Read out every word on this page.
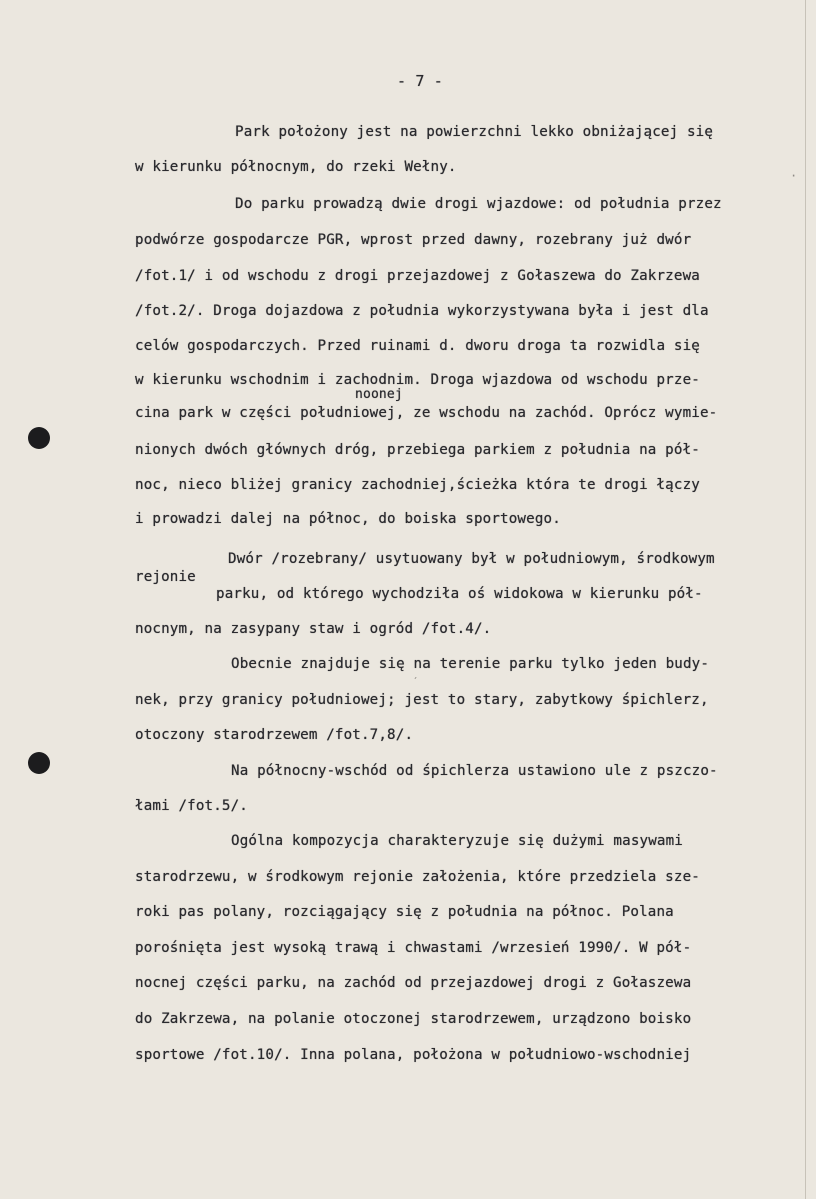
- 7 -
Park położony jest na powierzchni lekko obniżającej się
w kierunku północnym, do rzeki Wełny.
Do parku prowadzą dwie drogi wjazdowe: od południa przez
podwórze gospodarcze PGR, wprost przed dawny, rozebrany już dwór
/fot.1/ i od wschodu z drogi przejazdowej z Gołaszewa do Zakrzewa
/fot.2/. Droga dojazdowa z południa wykorzystywana była i jest dla
celów gospodarczych. Przed ruinami d. dworu droga ta rozwidla się
w kierunku wschodnim i zachodnim. Droga wjazdowa od wschodu prze-
noonej
cina park w części południowej, ze wschodu na zachód. Oprócz wymie-
nionych dwóch głównych dróg, przebiega parkiem z południa na pół-
noc, nieco bliżej granicy zachodniej,ścieżka która te drogi łączy
i prowadzi dalej na północ, do boiska sportowego.
Dwór /rozebrany/ usytuowany był w południowym, środkowym
rejonie
parku, od którego wychodziła oś widokowa w kierunku pół-
nocnym, na zasypany staw i ogród /fot.4/.
Obecnie znajduje się na terenie parku tylko jeden budy-
nek, przy granicy południowej; jest to stary, zabytkowy śpichlerz,
otoczony starodrzewem /fot.7,8/.
Na północny-wschód od śpichlerza ustawiono ule z pszczo-
łami /fot.5/.
Ogólna kompozycja charakteryzuje się dużymi masywami
starodrzewu, w środkowym rejonie założenia, które przedziela sze-
roki pas polany, rozciągający się z południa na północ. Polana
porośnięta jest wysoką trawą i chwastami /wrzesień 1990/. W pół-
nocnej części parku, na zachód od przejazdowej drogi z Gołaszewa
do Zakrzewa, na polanie otoczonej starodrzewem, urządzono boisko
sportowe /fot.10/. Inna polana, położona w południowo-wschodniej
·
ˊ
